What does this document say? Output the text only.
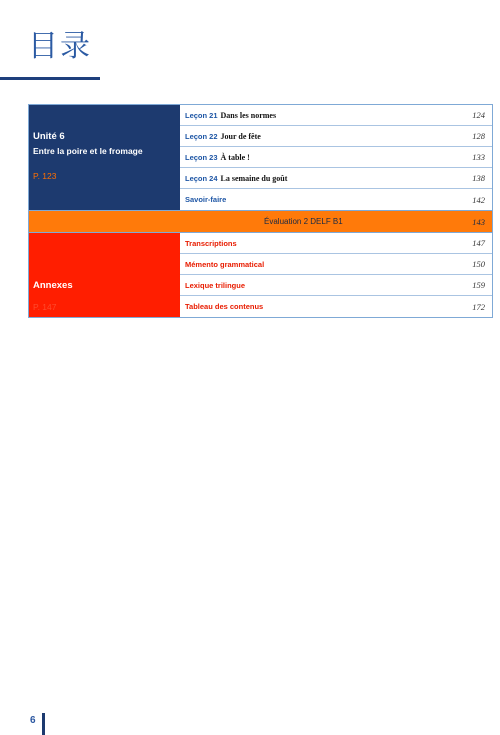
目录
Unité 6
Entre la poire et le fromage
P. 123
Leçon 21 Dans les normes	124
Leçon 22 Jour de fête	128
Leçon 23 À table !	133
Leçon 24 La semaine du goût	138
Savoir-faire	142
Évaluation 2 DELF B1	143
Annexes
P. 147
Transcriptions	147
Mémento grammatical	150
Lexique trilingue	159
Tableau des contenus	172
6
